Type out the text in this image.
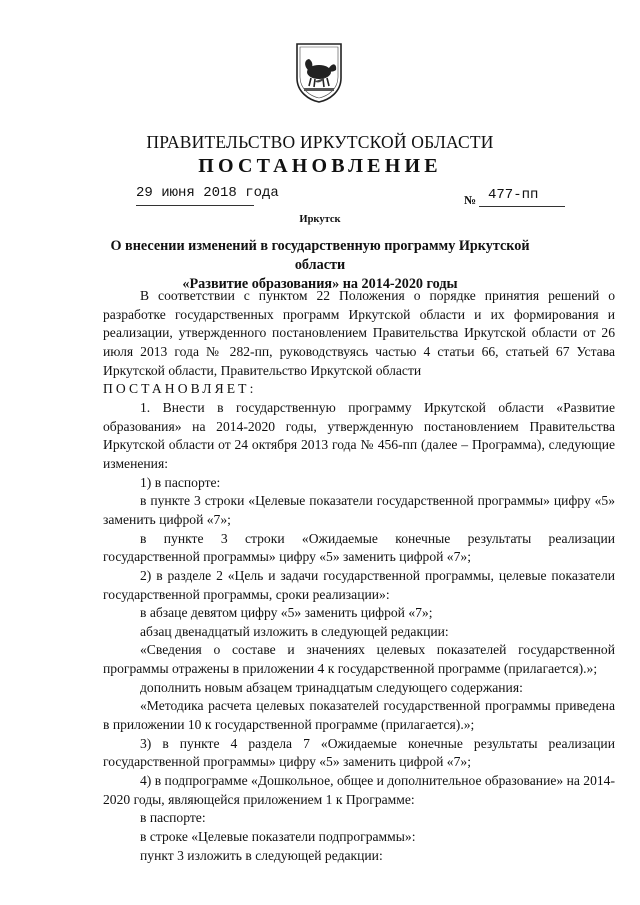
ПРАВИТЕЛЬСТВО ИРКУТСКОЙ ОБЛАСТИ
ПОСТАНОВЛЕНИЕ
29 июня 2018 года	№ 477-пп
Иркутск
О внесении изменений в государственную программу Иркутской области
«Развитие образования» на 2014-2020 годы

В соответствии с пунктом 22 Положения о порядке принятия решений о разработке государственных программ Иркутской области и их формирования и реализации, утвержденного постановлением Правительства Иркутской области от 26 июля 2013 года № 282-пп, руководствуясь частью 4 статьи 66, статьей 67 Устава Иркутской области, Правительство Иркутской области

ПОСТАНОВЛЯЕТ:

1. Внести в государственную программу Иркутской области «Развитие образования» на 2014-2020 годы, утвержденную постановлением Правительства Иркутской области от 24 октября 2013 года № 456-пп (далее – Программа), следующие изменения:

1) в паспорте:

в пункте 3 строки «Целевые показатели государственной программы» цифру «5» заменить цифрой «7»;

в пункте 3 строки «Ожидаемые конечные результаты реализации государственной программы» цифру «5» заменить цифрой «7»;

2) в разделе 2 «Цель и задачи государственной программы, целевые показатели государственной программы, сроки реализации»:

в абзаце девятом цифру «5» заменить цифрой «7»;

абзац двенадцатый изложить в следующей редакции:

«Сведения о составе и значениях целевых показателей государственной программы отражены в приложении 4 к государственной программе (прилагается).»;

дополнить новым абзацем тринадцатым следующего содержания:

«Методика расчета целевых показателей государственной программы приведена в приложении 10 к государственной программе (прилагается).»;

3) в пункте 4 раздела 7 «Ожидаемые конечные результаты реализации государственной программы» цифру «5» заменить цифрой «7»;

4) в подпрограмме «Дошкольное, общее и дополнительное образование» на 2014-2020 годы, являющейся приложением 1 к Программе:

в паспорте:

в строке «Целевые показатели подпрограммы»:

пункт 3 изложить в следующей редакции:
